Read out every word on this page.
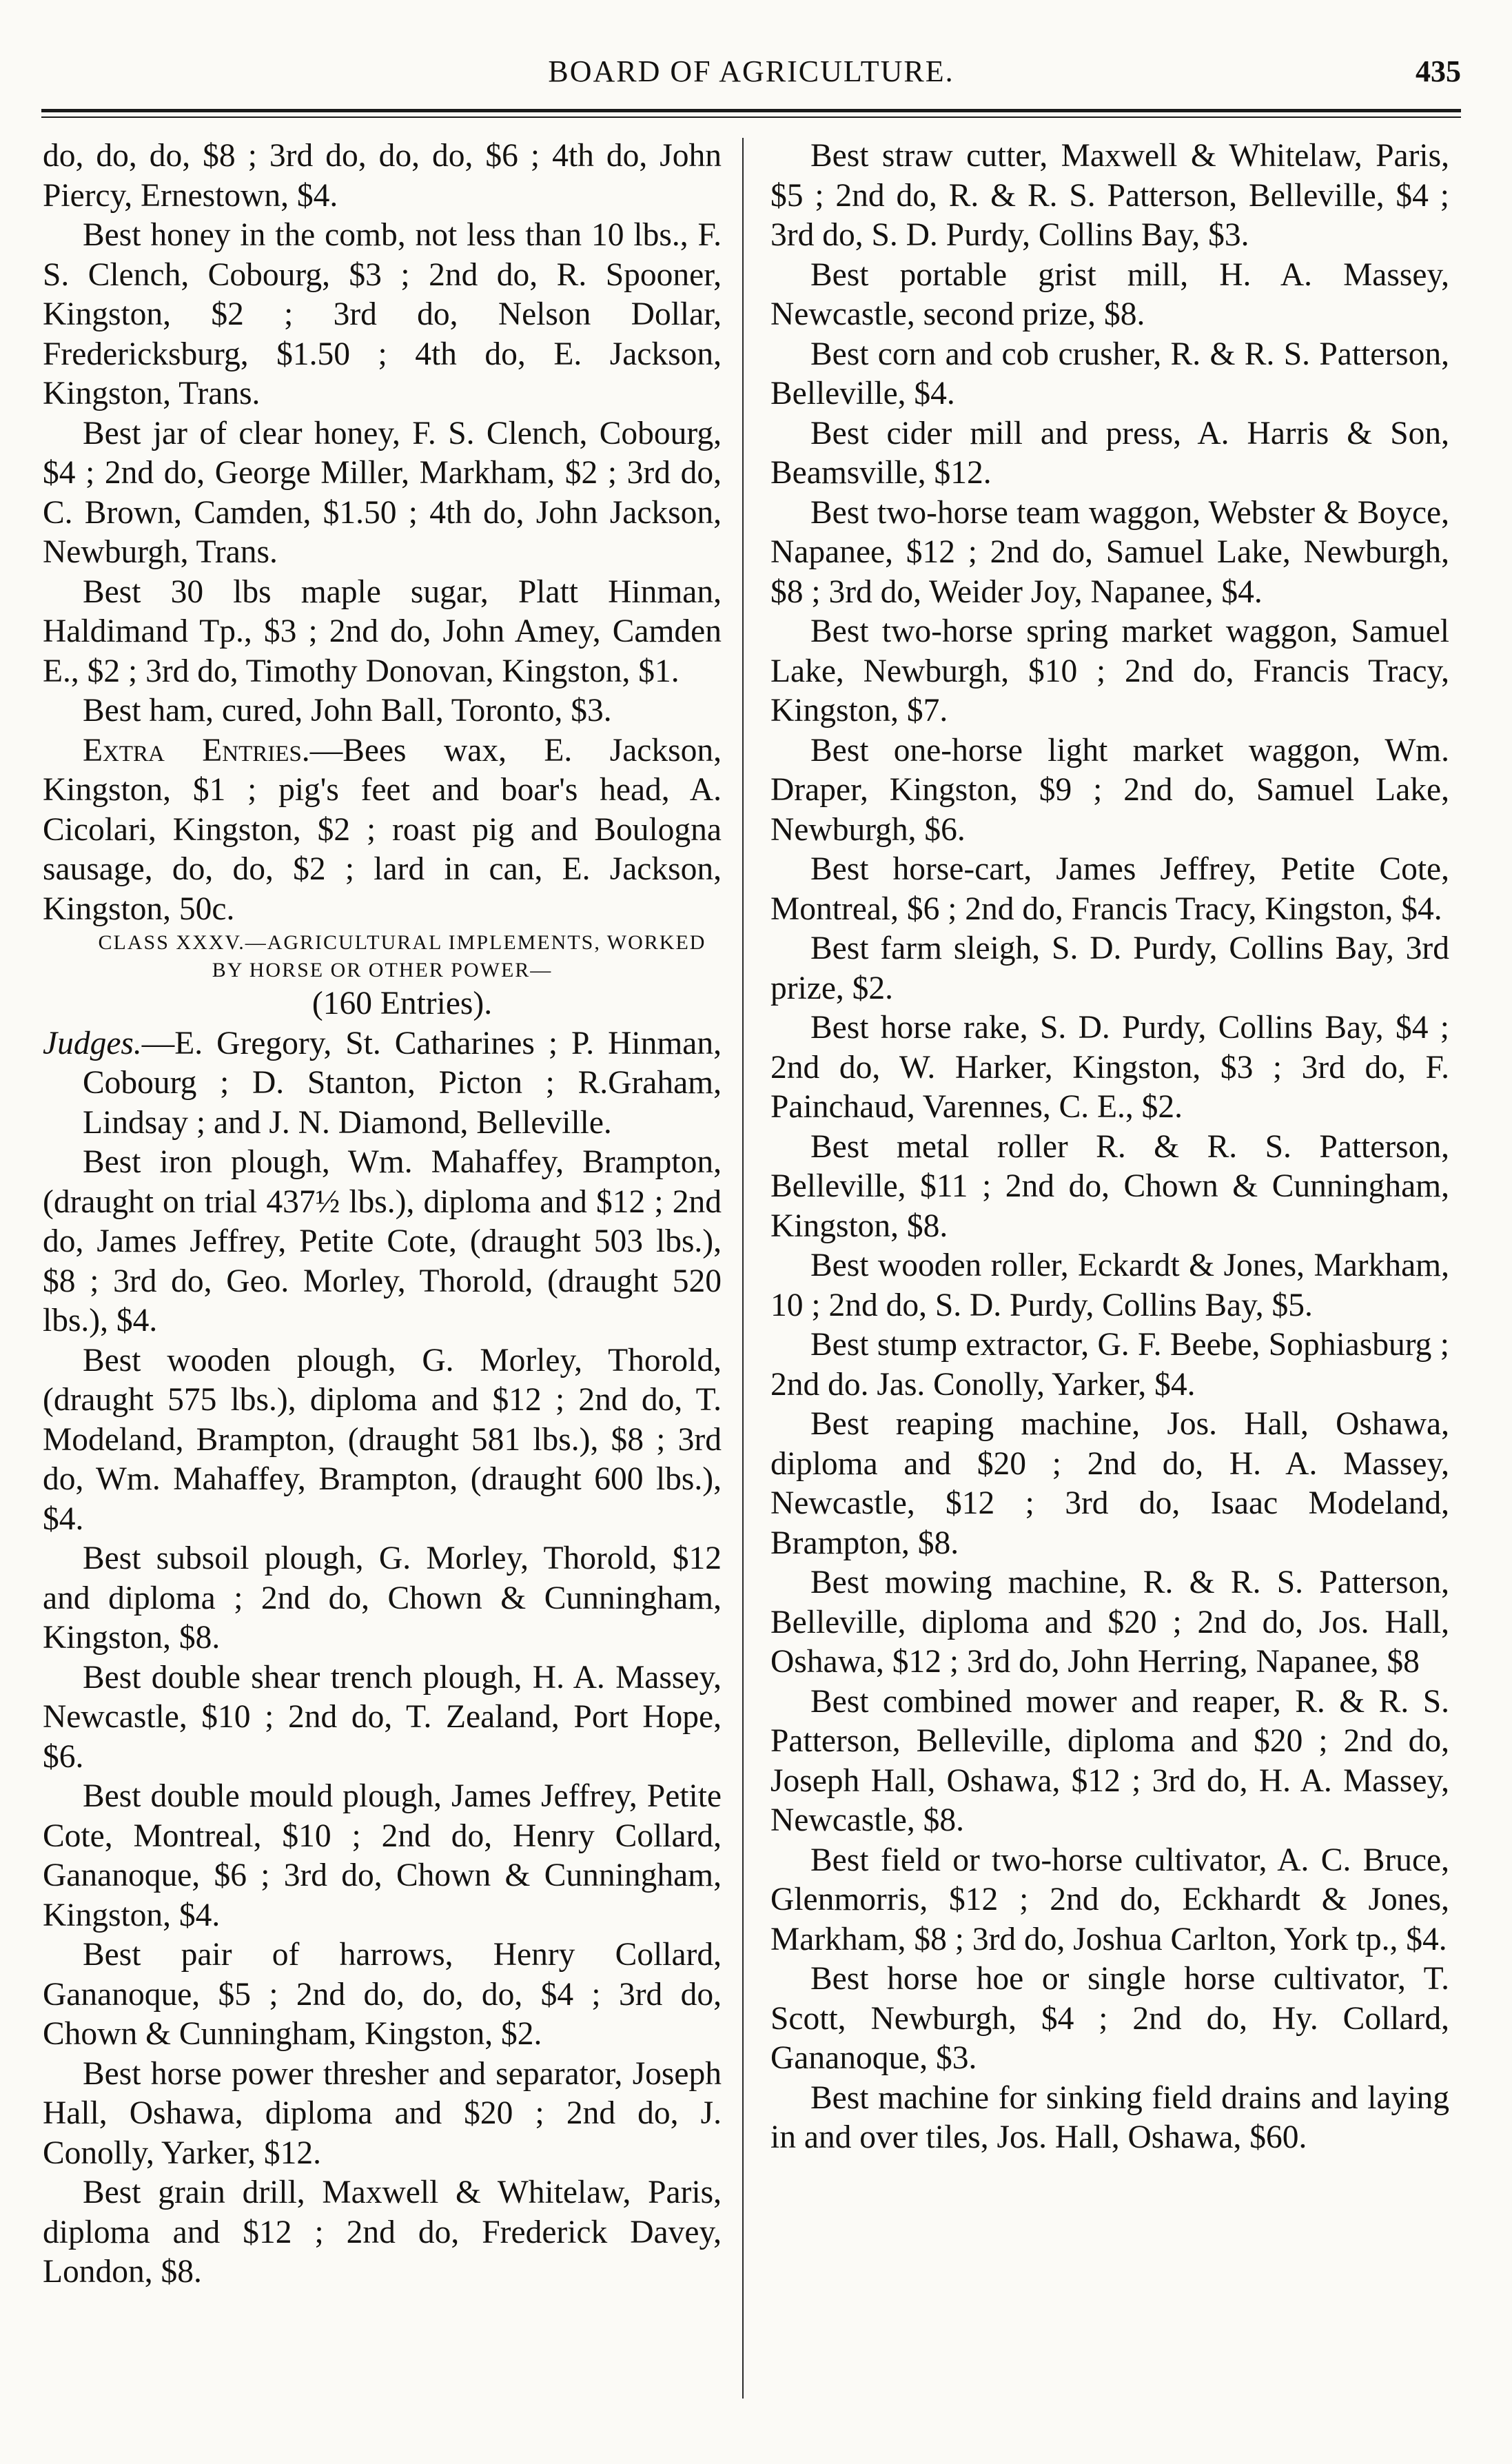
BOARD OF AGRICULTURE.	435

do, do, do, $8 ; 3rd do, do, do, $6 ; 4th do, John Piercy, Ernestown, $4.

Best honey in the comb, not less than 10 lbs., F. S. Clench, Cobourg, $3 ; 2nd do, R. Spooner, Kingston, $2 ; 3rd do, Nelson Dollar, Fredericksburg, $1.50 ; 4th do, E. Jackson, Kingston, Trans.

Best jar of clear honey, F. S. Clench, Cobourg, $4 ; 2nd do, George Miller, Markham, $2 ; 3rd do, C. Brown, Camden, $1.50 ; 4th do, John Jackson, Newburgh, Trans.

Best 30 lbs maple sugar, Platt Hinman, Haldimand Tp., $3 ; 2nd do, John Amey, Camden E., $2 ; 3rd do, Timothy Donovan, Kingston, $1.

Best ham, cured, John Ball, Toronto, $3.

Extra Entries.—Bees wax, E. Jackson, Kingston, $1 ; pig's feet and boar's head, A. Cicolari, Kingston, $2 ; roast pig and Boulogna sausage, do, do, $2 ; lard in can, E. Jackson, Kingston, 50c.

CLASS XXXV.—AGRICULTURAL IMPLEMENTS, WORKED BY HORSE OR OTHER POWER—

(160 Entries).

Judges.—E. Gregory, St. Catharines ; P. Hinman, Cobourg ; D. Stanton, Picton ; R.Graham, Lindsay ; and J. N. Diamond, Belleville.

Best iron plough, Wm. Mahaffey, Brampton, (draught on trial 437½ lbs.), diploma and $12 ; 2nd do, James Jeffrey, Petite Cote, (draught 503 lbs.), $8 ; 3rd do, Geo. Morley, Thorold, (draught 520 lbs.), $4.

Best wooden plough, G. Morley, Thorold, (draught 575 lbs.), diploma and $12 ; 2nd do, T. Modeland, Brampton, (draught 581 lbs.), $8 ; 3rd do, Wm. Mahaffey, Brampton, (draught 600 lbs.), $4.

Best subsoil plough, G. Morley, Thorold, $12 and diploma ; 2nd do, Chown & Cunningham, Kingston, $8.

Best double shear trench plough, H. A. Massey, Newcastle, $10 ; 2nd do, T. Zealand, Port Hope, $6.

Best double mould plough, James Jeffrey, Petite Cote, Montreal, $10 ; 2nd do, Henry Collard, Gananoque, $6 ; 3rd do, Chown & Cunningham, Kingston, $4.

Best pair of harrows, Henry Collard, Gananoque, $5 ; 2nd do, do, do, $4 ; 3rd do, Chown & Cunningham, Kingston, $2.

Best horse power thresher and separator, Joseph Hall, Oshawa, diploma and $20 ; 2nd do, J. Conolly, Yarker, $12.

Best grain drill, Maxwell & Whitelaw, Paris, diploma and $12 ; 2nd do, Frederick Davey, London, $8.

Best straw cutter, Maxwell & Whitelaw, Paris, $5 ; 2nd do, R. & R. S. Patterson, Belleville, $4 ; 3rd do, S. D. Purdy, Collins Bay, $3.

Best portable grist mill, H. A. Massey, Newcastle, second prize, $8.

Best corn and cob crusher, R. & R. S. Patterson, Belleville, $4.

Best cider mill and press, A. Harris & Son, Beamsville, $12.

Best two-horse team waggon, Webster & Boyce, Napanee, $12 ; 2nd do, Samuel Lake, Newburgh, $8 ; 3rd do, Weider Joy, Napanee, $4.

Best two-horse spring market waggon, Samuel Lake, Newburgh, $10 ; 2nd do, Francis Tracy, Kingston, $7.

Best one-horse light market waggon, Wm. Draper, Kingston, $9 ; 2nd do, Samuel Lake, Newburgh, $6.

Best horse-cart, James Jeffrey, Petite Cote, Montreal, $6 ; 2nd do, Francis Tracy, Kingston, $4.

Best farm sleigh, S. D. Purdy, Collins Bay, 3rd prize, $2.

Best horse rake, S. D. Purdy, Collins Bay, $4 ; 2nd do, W. Harker, Kingston, $3 ; 3rd do, F. Painchaud, Varennes, C. E., $2.

Best metal roller R. & R. S. Patterson, Belleville, $11 ; 2nd do, Chown & Cunningham, Kingston, $8.

Best wooden roller, Eckardt & Jones, Markham, 10 ; 2nd do, S. D. Purdy, Collins Bay, $5.

Best stump extractor, G. F. Beebe, Sophiasburg ; 2nd do. Jas. Conolly, Yarker, $4.

Best reaping machine, Jos. Hall, Oshawa, diploma and $20 ; 2nd do, H. A. Massey, Newcastle, $12 ; 3rd do, Isaac Modeland, Brampton, $8.

Best mowing machine, R. & R. S. Patterson, Belleville, diploma and $20 ; 2nd do, Jos. Hall, Oshawa, $12 ; 3rd do, John Herring, Napanee, $8

Best combined mower and reaper, R. & R. S. Patterson, Belleville, diploma and $20 ; 2nd do, Joseph Hall, Oshawa, $12 ; 3rd do, H. A. Massey, Newcastle, $8.

Best field or two-horse cultivator, A. C. Bruce, Glenmorris, $12 ; 2nd do, Eckhardt & Jones, Markham, $8 ; 3rd do, Joshua Carlton, York tp., $4.

Best horse hoe or single horse cultivator, T. Scott, Newburgh, $4 ; 2nd do, Hy. Collard, Gananoque, $3.

Best machine for sinking field drains and laying in and over tiles, Jos. Hall, Oshawa, $60.
